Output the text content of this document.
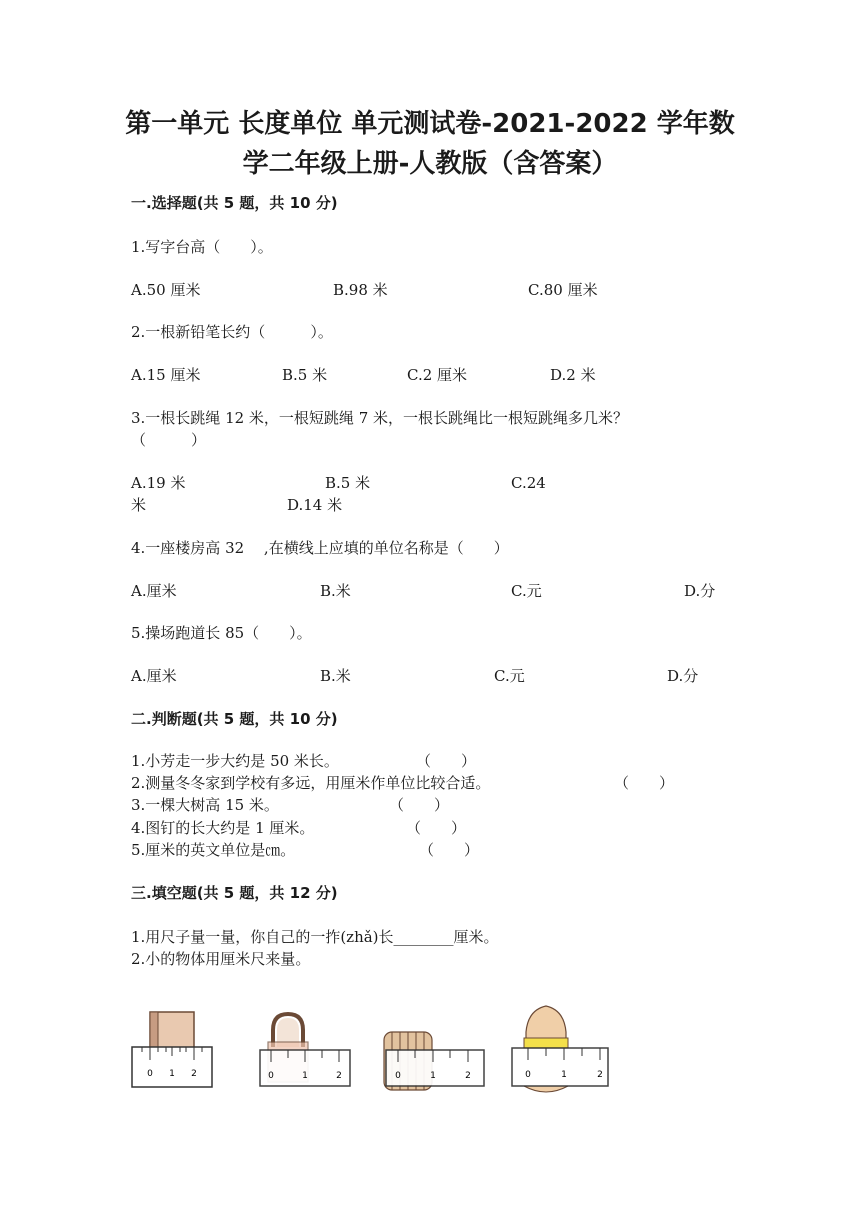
第一单元 长度单位 单元测试卷-2021-2022 学年数
学二年级上册-人教版（含答案）
一.选择题(共 5 题，共 10 分)
1.写字台高（　　）。
A.50 厘米	B.98 米	C.80 厘米
2.一根新铅笔长约（　　　）。
A.15 厘米	B.5 米	C.2 厘米	D.2 米
3.一根长跳绳 12 米，一根短跳绳 7 米，一根长跳绳比一根短跳绳多几米？
（　　　）
A.19 米	B.5 米	C.24
米	D.14 米
4.一座楼房高 32　 ,在横线上应填的单位名称是（　　）
A.厘米	B.米	C.元	D.分
5.操场跑道长 85（　　）。
A.厘米	B.米	C.元	D.分
二.判断题(共 5 题，共 10 分)
1.小芳走一步大约是 50 米长。	（　　）
2.测量冬冬家到学校有多远，用厘米作单位比较合适。	（　　）
3.一棵大树高 15 米。	（　　）
4.图钉的长大约是 1 厘米。	（　　）
5.厘米的英文单位是㎝。	（　　）
三.填空题(共 5 题，共 12 分)
1.用尺子量一量，你自己的一拃(zhǎ)长________厘米。
2.小的物体用厘米尺来量。
0 1 2	0	1	2	0	1	2	0	1	2
